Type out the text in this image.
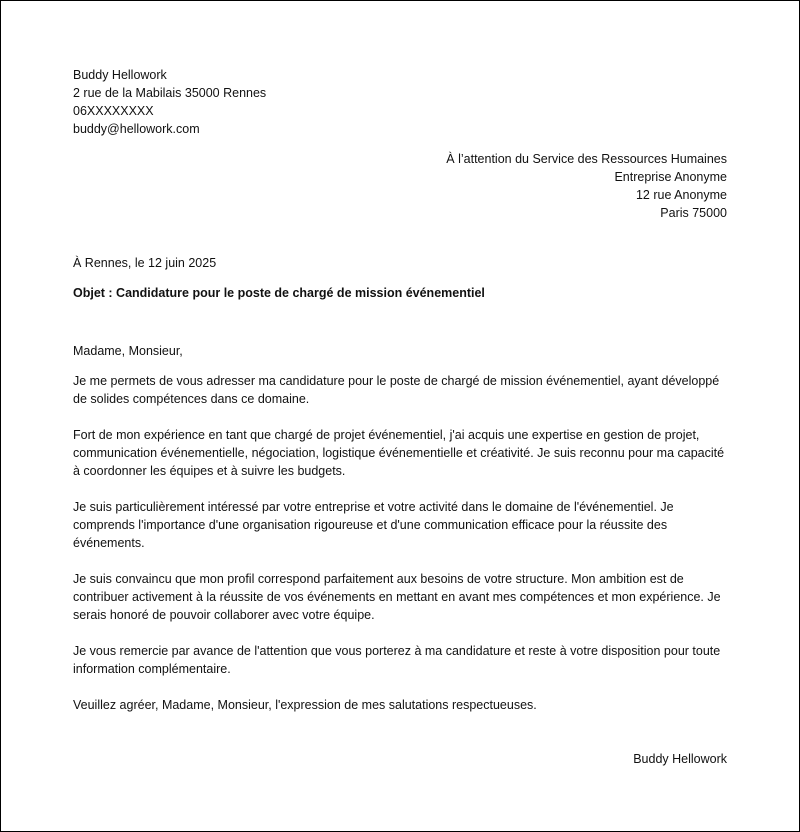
Buddy Hellowork
2 rue de la Mabilais 35000 Rennes
06XXXXXXXX
buddy@hellowork.com
À l’attention du Service des Ressources Humaines
Entreprise Anonyme
12 rue Anonyme
Paris 75000
À Rennes, le 12 juin 2025
Objet : Candidature pour le poste de chargé de mission événementiel

Madame, Monsieur,

Je me permets de vous adresser ma candidature pour le poste de chargé de mission événementiel, ayant développé de solides compétences dans ce domaine.

Fort de mon expérience en tant que chargé de projet événementiel, j'ai acquis une expertise en gestion de projet, communication événementielle, négociation, logistique événementielle et créativité. Je suis reconnu pour ma capacité à coordonner les équipes et à suivre les budgets.

Je suis particulièrement intéressé par votre entreprise et votre activité dans le domaine de l'événementiel. Je comprends l'importance d'une organisation rigoureuse et d'une communication efficace pour la réussite des événements.

Je suis convaincu que mon profil correspond parfaitement aux besoins de votre structure. Mon ambition est de contribuer activement à la réussite de vos événements en mettant en avant mes compétences et mon expérience. Je serais honoré de pouvoir collaborer avec votre équipe.

Je vous remercie par avance de l'attention que vous porterez à ma candidature et reste à votre disposition pour toute information complémentaire.

Veuillez agréer, Madame, Monsieur, l'expression de mes salutations respectueuses.

Buddy Hellowork
